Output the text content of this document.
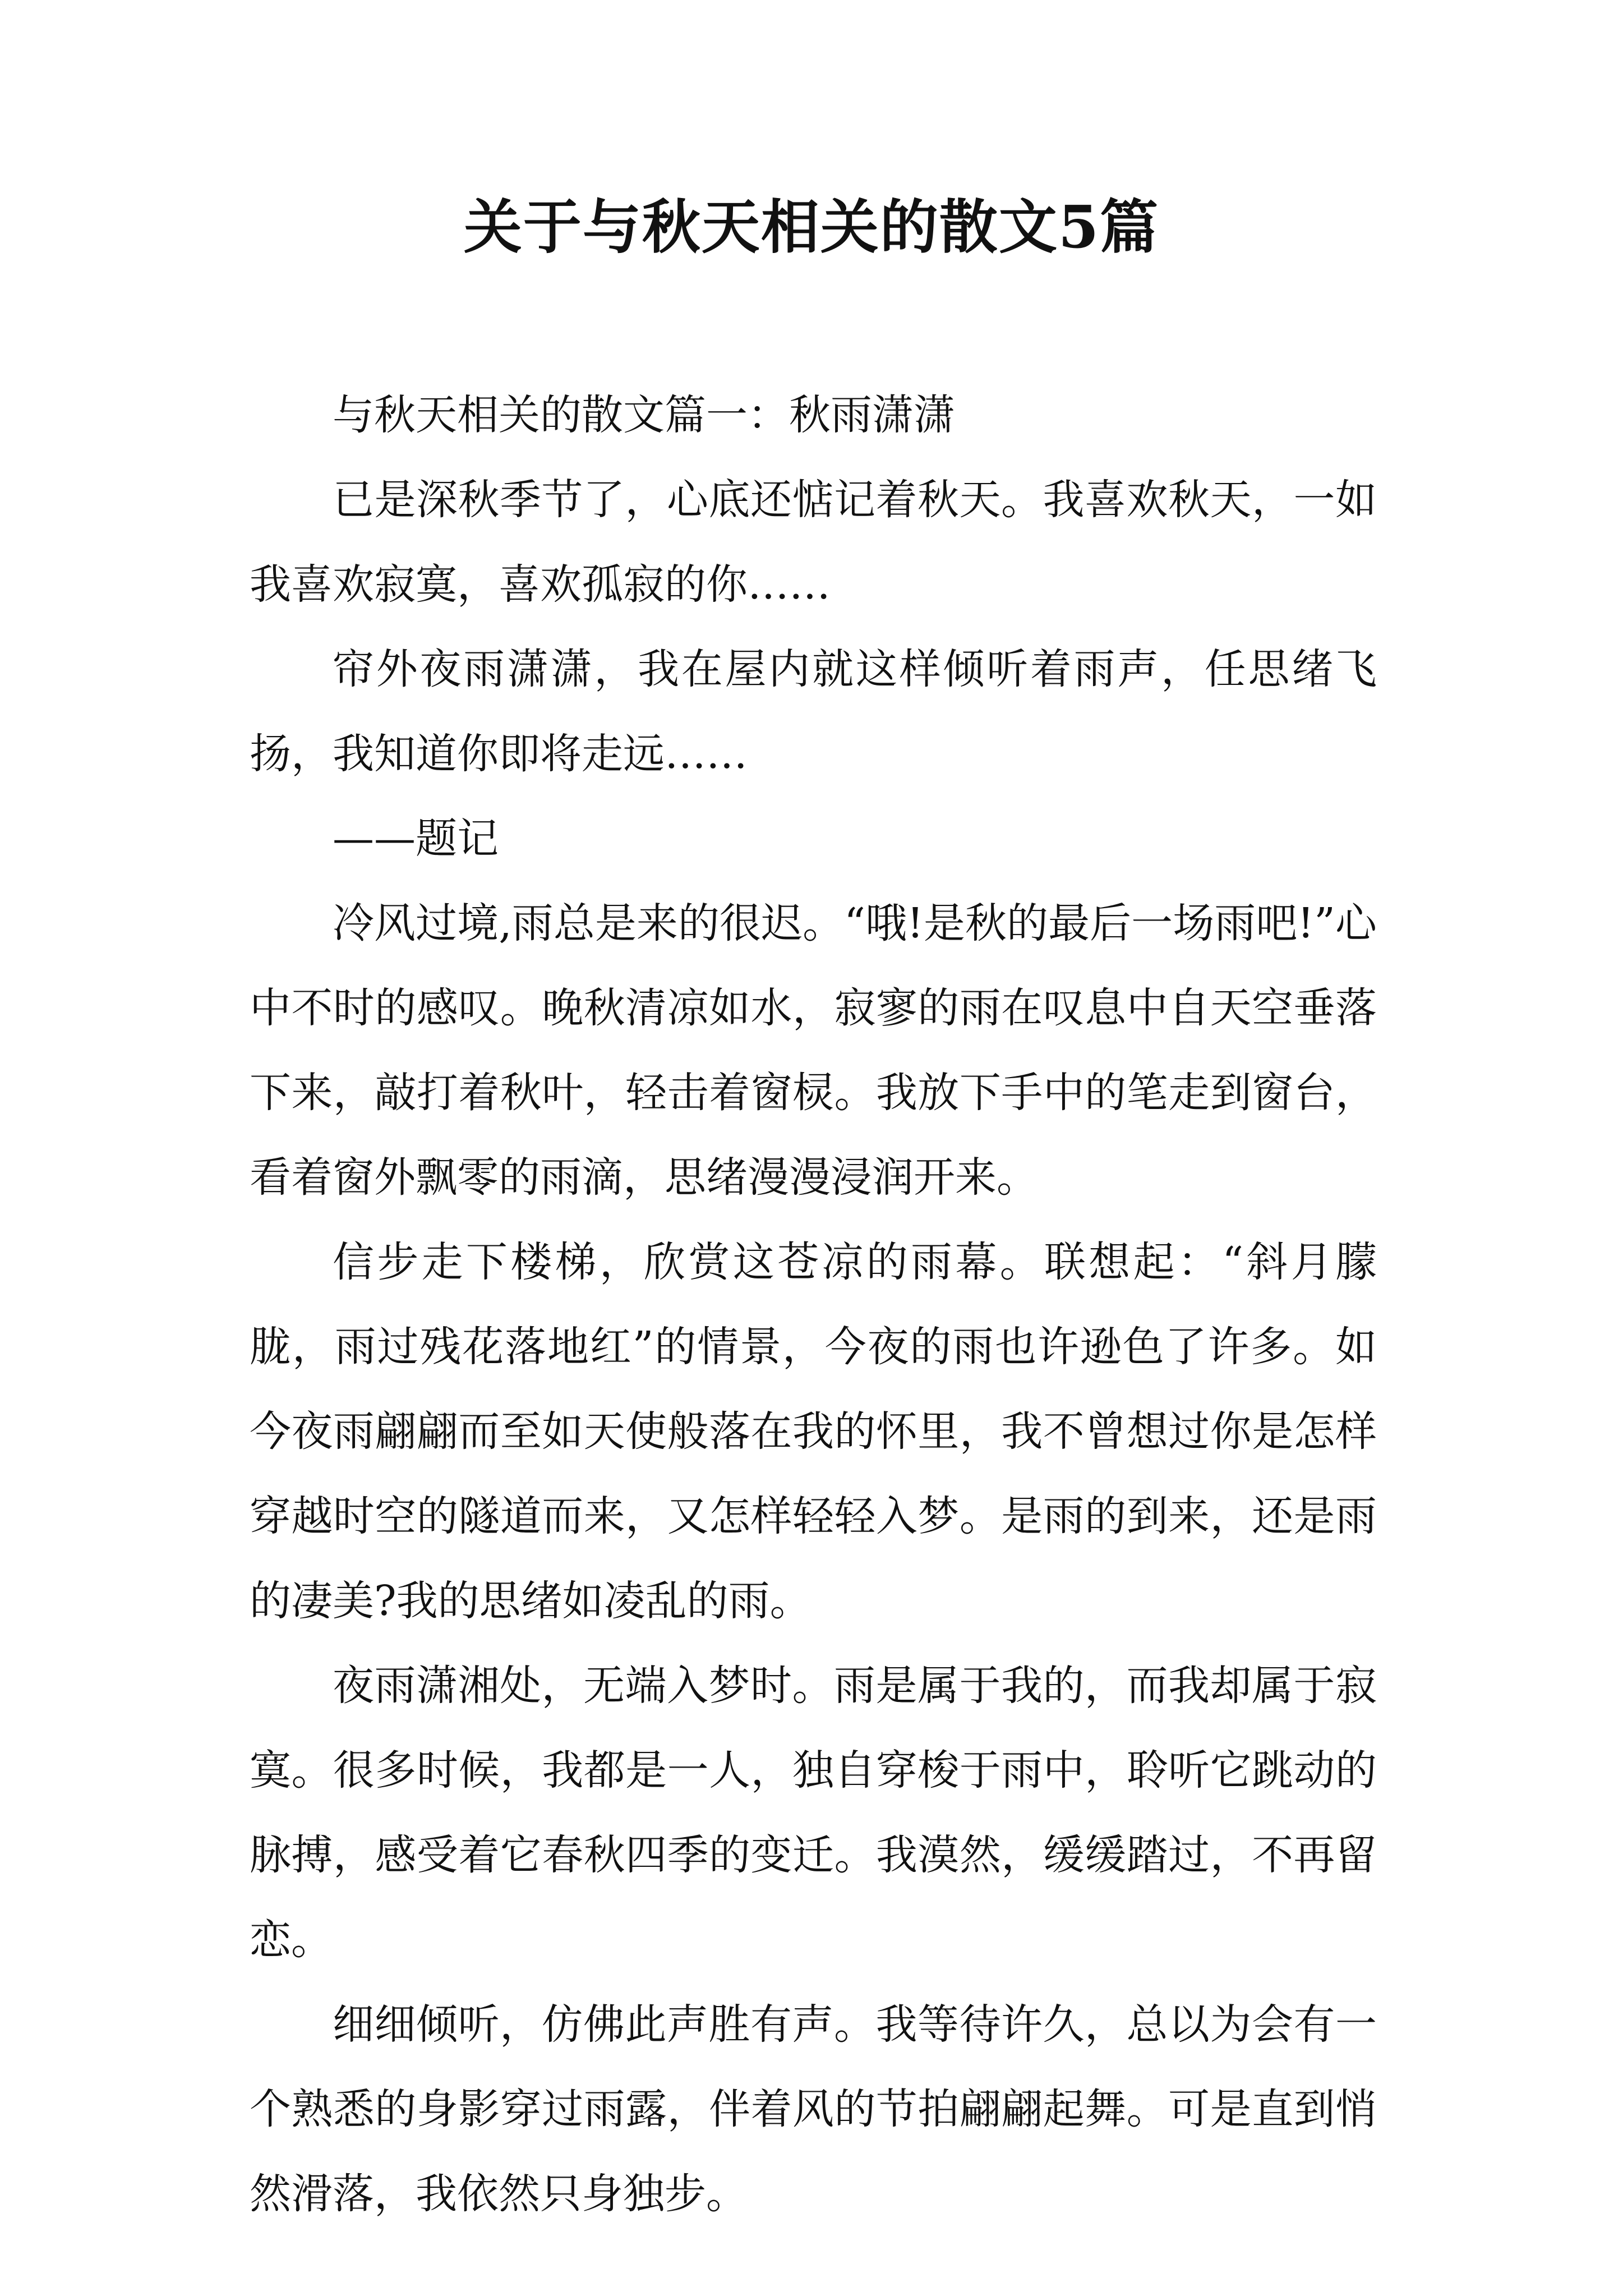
关于与秋天相关的散文5篇

与秋天相关的散文篇一：秋雨潇潇

已是深秋季节了，心底还惦记着秋天。我喜欢秋天，一如我喜欢寂寞，喜欢孤寂的你……

帘外夜雨潇潇，我在屋内就这样倾听着雨声，任思绪飞扬，我知道你即将走远……

——题记

冷风过境,雨总是来的很迟。“哦!是秋的最后一场雨吧!”心中不时的感叹。晚秋清凉如水，寂寥的雨在叹息中自天空垂落下来，敲打着秋叶，轻击着窗棂。我放下手中的笔走到窗台，看着窗外飘零的雨滴，思绪漫漫浸润开来。

信步走下楼梯，欣赏这苍凉的雨幕。联想起：“斜月朦胧，雨过残花落地红”的情景，今夜的雨也许逊色了许多。如今夜雨翩翩而至如天使般落在我的怀里，我不曾想过你是怎样穿越时空的隧道而来，又怎样轻轻入梦。是雨的到来，还是雨的凄美?我的思绪如凌乱的雨。

夜雨潇湘处，无端入梦时。雨是属于我的，而我却属于寂寞。很多时候，我都是一人，独自穿梭于雨中，聆听它跳动的脉搏，感受着它春秋四季的变迁。我漠然，缓缓踏过，不再留恋。

细细倾听，仿佛此声胜有声。我等待许久，总以为会有一个熟悉的身影穿过雨露，伴着风的节拍翩翩起舞。可是直到悄然滑落，我依然只身独步。
